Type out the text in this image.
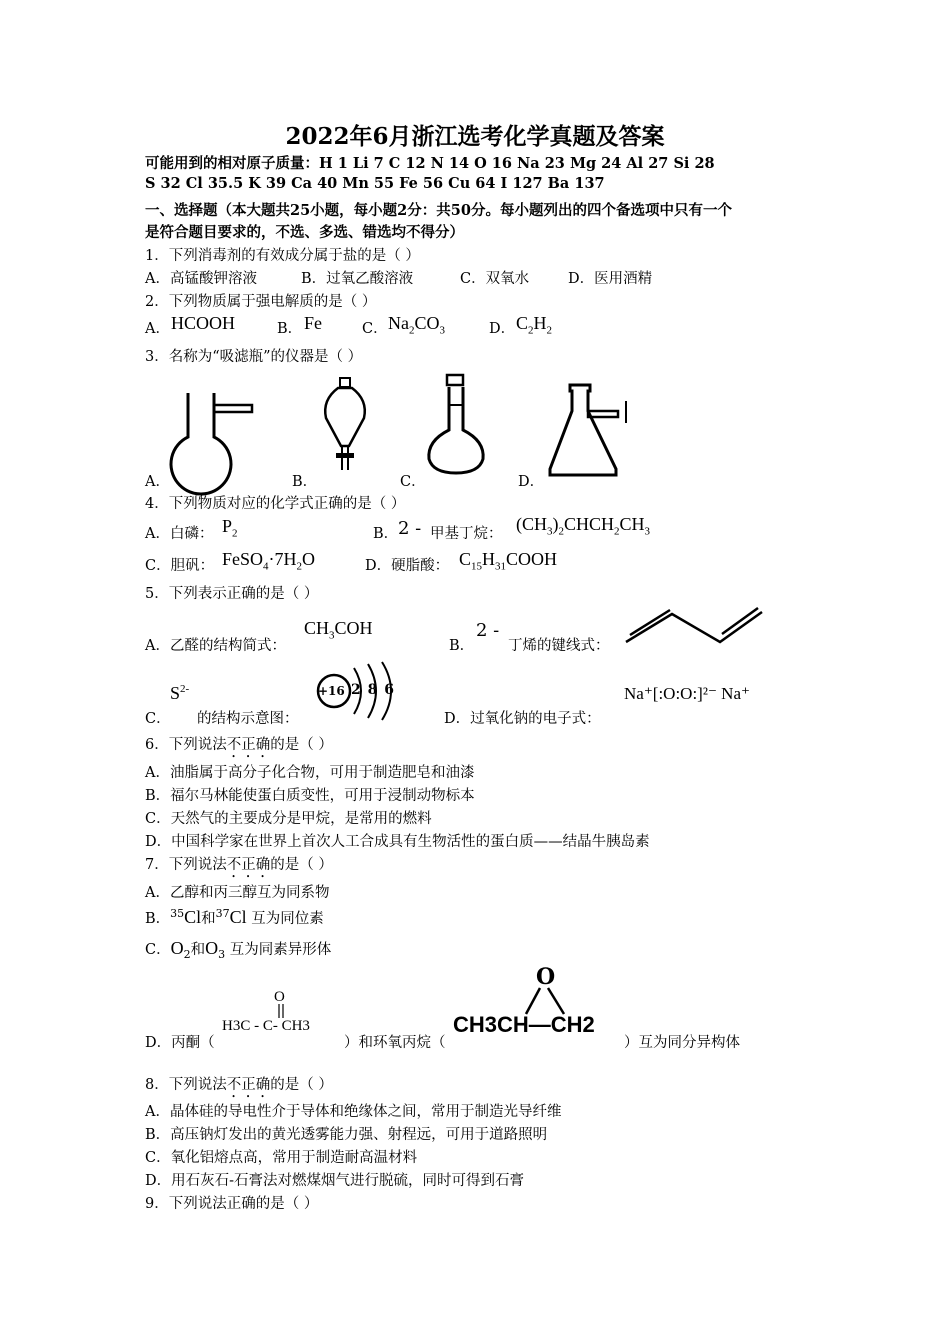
2022年6月浙江选考化学真题及答案
可能用到的相对原子质量：H 1 Li 7 C 12 N 14 O 16 Na 23 Mg 24 Al 27 Si 28
S 32 Cl 35.5 K 39 Ca 40 Mn 55 Fe 56 Cu 64 I 127 Ba 137
一、选择题（本大题共25小题，每小题2分：共50分。每小题列出的四个备选项中只有一个
是符合题目要求的，不选、多选、错选均不得分）
1．下列消毒剂的有效成分属于盐的是（ ）
A．高锰酸钾溶液	B．过氧乙酸溶液	C．双氧水	D．医用酒精
2．下列物质属于强电解质的是（ ）
A． HCOOH	B． Fe	C． $Na_2CO_3$	D． $C_2H_2$
3．名称为“吸滤瓶”的仪器是（ ）
A．	B．	C．	D．
4．下列物质对应的化学式正确的是（ ）
A．白磷： $P_2$	B． 2 - 甲基丁烷： $(CH_3)_2CHCH_2CH_3$
C．胆矾： $FeSO_4\cdot 7H_2O$	D．硬脂酸： $C_{15}H_{31}COOH$
5．下列表示正确的是（ ）
A．乙醛的结构简式：
$CH_3COH$
B．
2 -
丁烯的键线式：
$S^{2-}$
C． 的结构示意图：
+16 2 8 6
D．过氧化钠的电子式：
Na⁺[:O:O:]²⁻ Na⁺
6．下列说法不正确的是（ ）
A．油脂属于高分子化合物，可用于制造肥皂和油漆
B．福尔马林能使蛋白质变性，可用于浸制动物标本
C．天然气的主要成分是甲烷，是常用的燃料
D．中国科学家在世界上首次人工合成具有生物活性的蛋白质——结晶牛胰岛素
7．下列说法不正确的是（ ）
A．乙醇和丙三醇互为同系物
B．$^{35}$Cl和$^{37}$Cl 互为同位素
C．$O_2$和$O_3$ 互为同素异形体
D．丙酮（
O
H3C - C- CH3
）和环氧丙烷（
O
CH3CH—CH2
）互为同分异构体
8．下列说法不正确的是（ ）
A．晶体硅的导电性介于导体和绝缘体之间，常用于制造光导纤维
B．高压钠灯发出的黄光透雾能力强、射程远，可用于道路照明
C．氧化铝熔点高，常用于制造耐高温材料
D．用石灰石-石膏法对燃煤烟气进行脱硫，同时可得到石膏
9．下列说法正确的是（ ）
